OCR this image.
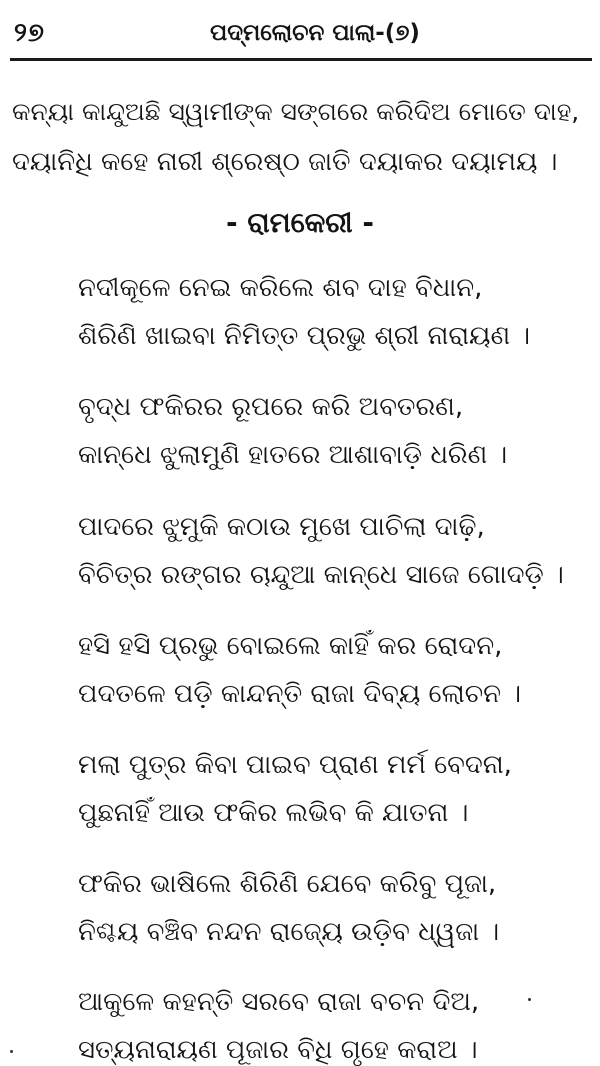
୨୭	ପଦ୍ମଲୋଚନ ପାଲା-(୭)
କନ୍ୟା କାନ୍ଦୁଅଛି ସ୍ୱାମୀଙ୍କ ସଙ୍ଗରେ କରିଦିଅ ମୋତେ ଦାହ,
ଦୟାନିଧି କହେ ନାରୀ ଶ୍ରେଷ୍ଠ ଜାତି ଦୟାକର ଦୟାମୟ ।
- ରାମକେରୀ -
ନଦୀକୂଳେ ନେଇ କରିଲେ ଶବ ଦାହ ବିଧାନ,
ଶିରିଣି ଖାଇବା ନିମିତ୍ତ ପ୍ରଭୁ ଶ୍ରୀ ନାରାୟଣ ।
ବୃଦ୍ଧ ଫକିରର ରୂପରେ କରି ଅବତରଣ,
କାନ୍ଧେ ଝୁଲାମୁଣି ହାତରେ ଆଶାବାଡ଼ି ଧରିଣ ।
ପାଦରେ ଝୁମୁକି କଠାଉ ମୁଖେ ପାଚିଲା ଦାଢ଼ି,
ବିଚିତ୍ର ରଙ୍ଗର ଚାନ୍ଦୁଆ କାନ୍ଧେ ସାଜେ ଗୋଦଡ଼ି ।
ହସି ହସି ପ୍ରଭୁ ବୋଇଲେ କାହିଁ କର ରୋଦନ,
ପଦତଳେ ପଡ଼ି କାନ୍ଦନ୍ତି ରାଜା ଦିବ୍ୟ ଲୋଚନ ।
ମଲା ପୁତ୍ର କିବା ପାଇବ ପ୍ରାଣ ମର୍ମ ବେଦନା,
ପୁଛନାହିଁ ଆଉ ଫକିର ଲଭିବ କି ଯାତନା ।
ଫକିର ଭାଷିଲେ ଶିରିଣି ଯେବେ କରିବୁ ପୂଜା,
ନିଶ୍ଚୟ ବଞ୍ଚିବ ନନ୍ଦନ ରାଜ୍ୟେ ଉଡ଼ିବ ଧ୍ୱଜା ।
ଆକୁଳେ କହନ୍ତି ସରବେ ରାଜା ବଚନ ଦିଅ,
ସତ୍ୟନାରାୟଣ ପୂଜାର ବିଧି ଗୃହେ କରାଅ ।
